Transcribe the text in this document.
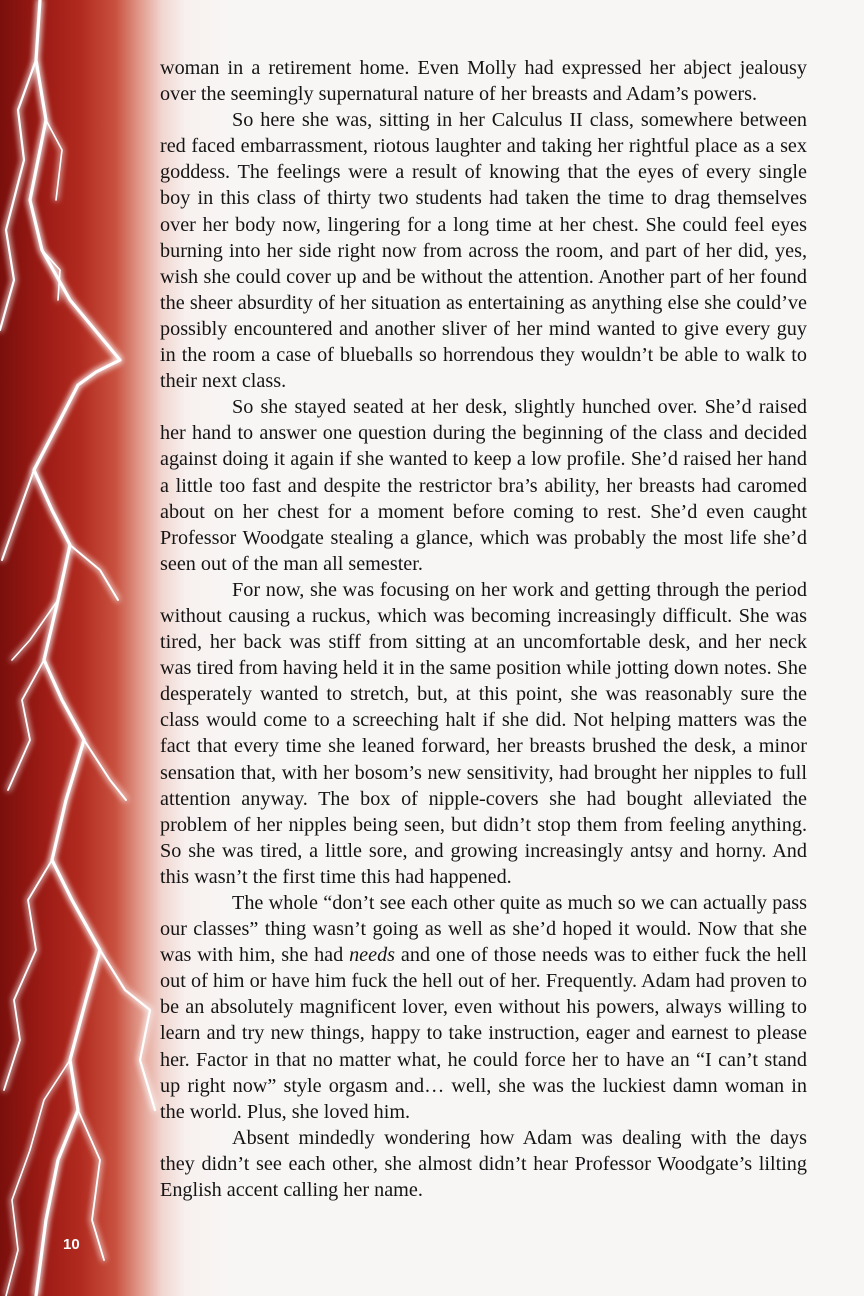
woman in a retirement home. Even Molly had expressed her abject jealousy over the seemingly supernatural nature of her breasts and Adam’s powers.

So here she was, sitting in her Calculus II class, somewhere between red faced embarrassment, riotous laughter and taking her rightful place as a sex goddess. The feelings were a result of knowing that the eyes of every single boy in this class of thirty two students had taken the time to drag themselves over her body now, lingering for a long time at her chest. She could feel eyes burning into her side right now from across the room, and part of her did, yes, wish she could cover up and be without the attention. Another part of her found the sheer absurdity of her situation as entertaining as anything else she could’ve possibly encountered and another sliver of her mind wanted to give every guy in the room a case of blueballs so horrendous they wouldn’t be able to walk to their next class.

So she stayed seated at her desk, slightly hunched over. She’d raised her hand to answer one question during the beginning of the class and decided against doing it again if she wanted to keep a low profile. She’d raised her hand a little too fast and despite the restrictor bra’s ability, her breasts had caromed about on her chest for a moment before coming to rest. She’d even caught Professor Woodgate stealing a glance, which was probably the most life she’d seen out of the man all semester.

For now, she was focusing on her work and getting through the period without causing a ruckus, which was becoming increasingly difficult. She was tired, her back was stiff from sitting at an uncomfortable desk, and her neck was tired from having held it in the same position while jotting down notes. She desperately wanted to stretch, but, at this point, she was reasonably sure the class would come to a screeching halt if she did. Not helping matters was the fact that every time she leaned forward, her breasts brushed the desk, a minor sensation that, with her bosom’s new sensitivity, had brought her nipples to full attention anyway. The box of nipple-covers she had bought alleviated the problem of her nipples being seen, but didn’t stop them from feeling anything. So she was tired, a little sore, and growing increasingly antsy and horny. And this wasn’t the first time this had happened.

The whole “don’t see each other quite as much so we can actually pass our classes” thing wasn’t going as well as she’d hoped it would. Now that she was with him, she had needs and one of those needs was to either fuck the hell out of him or have him fuck the hell out of her. Frequently. Adam had proven to be an absolutely magnificent lover, even without his powers, always willing to learn and try new things, happy to take instruction, eager and earnest to please her. Factor in that no matter what, he could force her to have an “I can’t stand up right now” style orgasm and… well, she was the luckiest damn woman in the world. Plus, she loved him.

Absent mindedly wondering how Adam was dealing with the days they didn’t see each other, she almost didn’t hear Professor Woodgate’s lilting English accent calling her name.

10
